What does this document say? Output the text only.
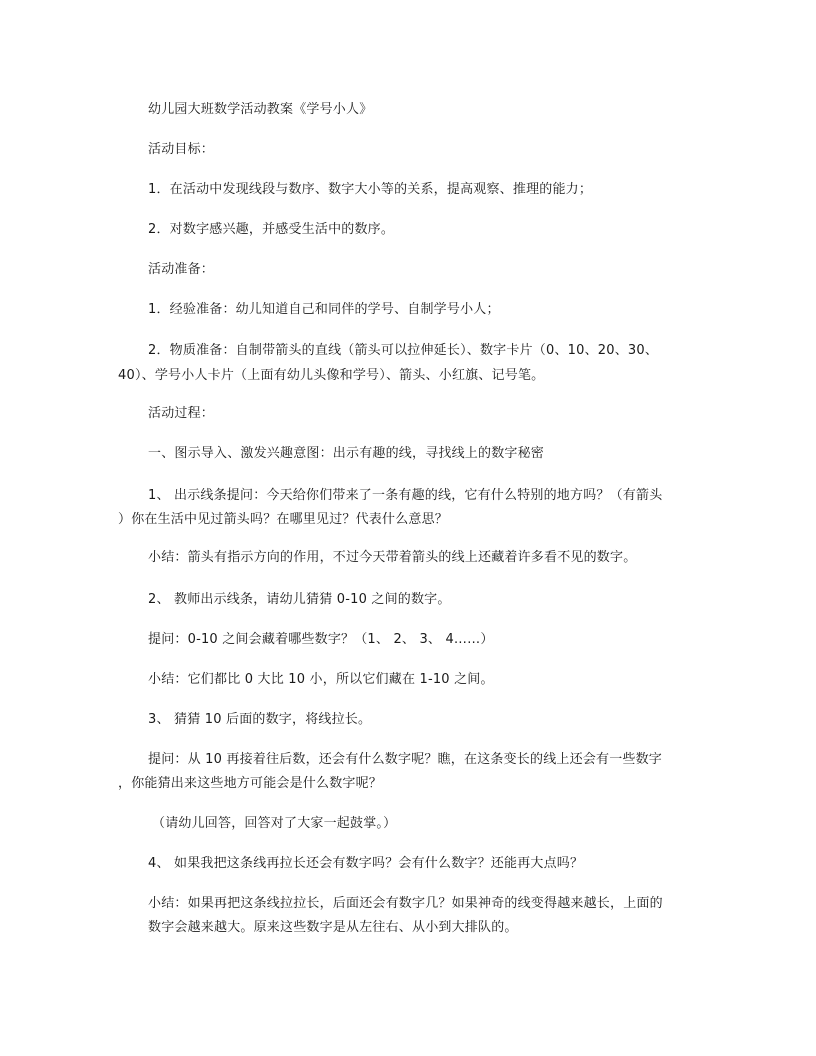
幼儿园大班数学活动教案《学号小人》
活动目标：
1．在活动中发现线段与数序、数字大小等的关系，提高观察、推理的能力；
2．对数字感兴趣，并感受生活中的数序。
活动准备：
1．经验准备：幼儿知道自己和同伴的学号、自制学号小人；
2．物质准备：自制带箭头的直线（箭头可以拉伸延长）、数字卡片（0、10、20、30、
40）、学号小人卡片（上面有幼儿头像和学号）、箭头、小红旗、记号笔。
活动过程：
一、图示导入、激发兴趣意图：出示有趣的线，寻找线上的数字秘密
1、 出示线条提问：今天给你们带来了一条有趣的线，它有什么特别的地方吗？（有箭头
）你在生活中见过箭头吗？在哪里见过？代表什么意思？
小结：箭头有指示方向的作用，不过今天带着箭头的线上还藏着许多看不见的数字。
2、 教师出示线条，请幼儿猜猜 0-10 之间的数字。
提问：0-10 之间会藏着哪些数字？（1、 2、 3、 4……）
小结：它们都比 0 大比 10 小，所以它们藏在 1-10 之间。
3、 猜猜 10 后面的数字，将线拉长。
提问：从 10 再接着往后数，还会有什么数字呢？瞧，在这条变长的线上还会有一些数字
，你能猜出来这些地方可能会是什么数字呢？
（请幼儿回答，回答对了大家一起鼓掌。）
4、 如果我把这条线再拉长还会有数字吗？会有什么数字？还能再大点吗？
小结：如果再把这条线拉拉长，后面还会有数字几？如果神奇的线变得越来越长，上面的
数字会越来越大。原来这些数字是从左往右、从小到大排队的。
